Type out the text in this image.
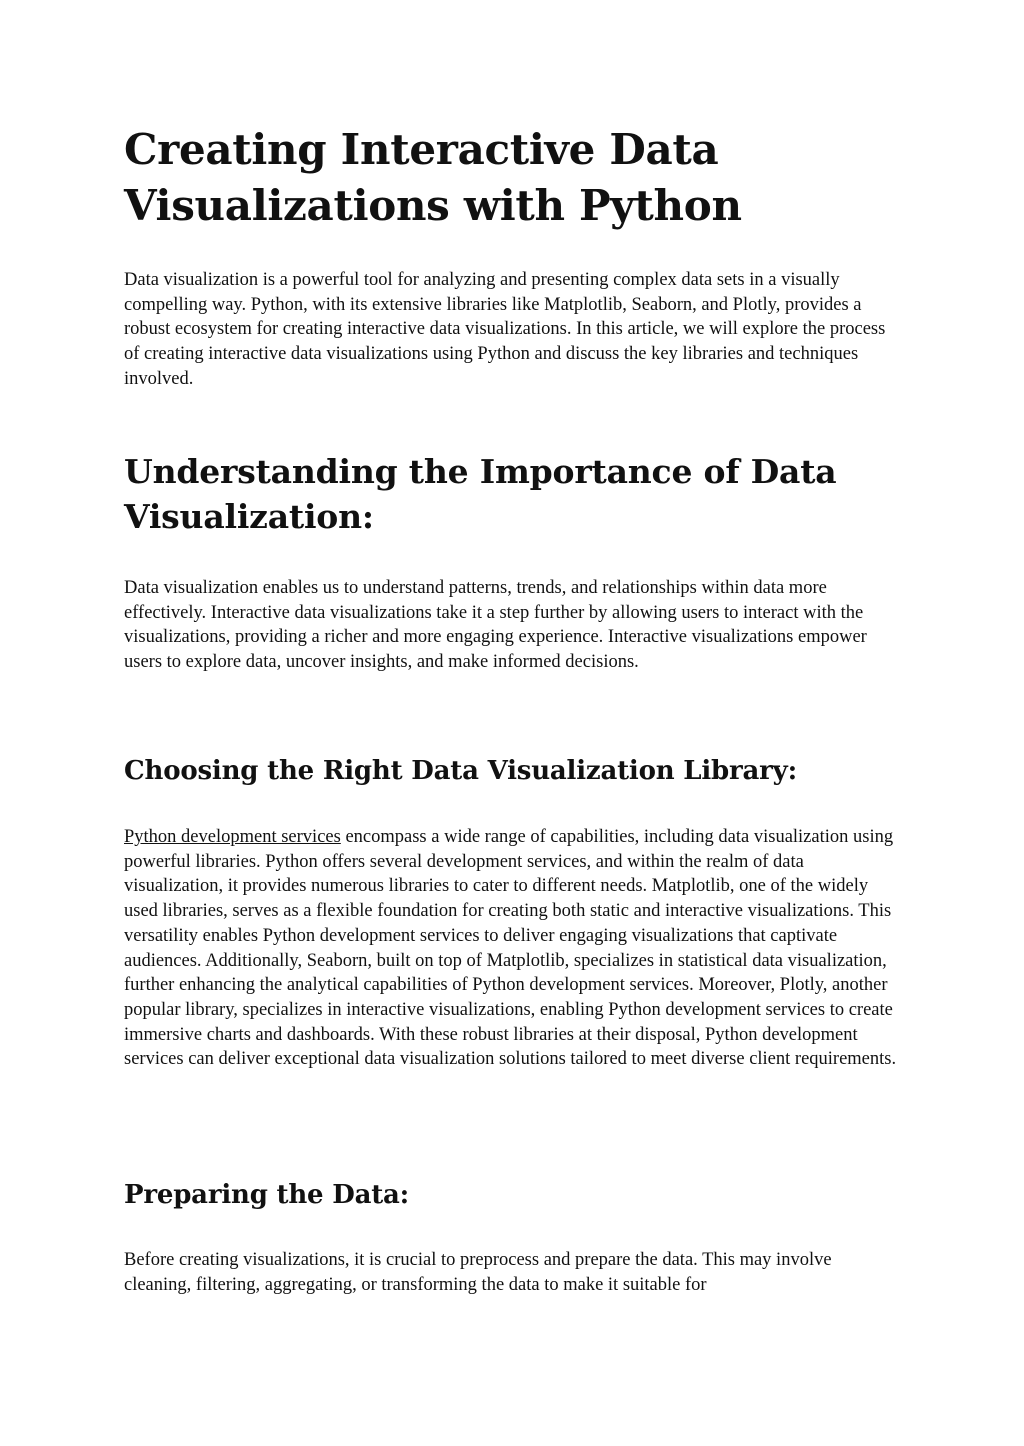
Creating Interactive Data Visualizations with Python

Data visualization is a powerful tool for analyzing and presenting complex data sets in a visually compelling way. Python, with its extensive libraries like Matplotlib, Seaborn, and Plotly, provides a robust ecosystem for creating interactive data visualizations. In this article, we will explore the process of creating interactive data visualizations using Python and discuss the key libraries and techniques involved.

Understanding the Importance of Data Visualization:

Data visualization enables us to understand patterns, trends, and relationships within data more effectively. Interactive data visualizations take it a step further by allowing users to interact with the visualizations, providing a richer and more engaging experience. Interactive visualizations empower users to explore data, uncover insights, and make informed decisions.

Choosing the Right Data Visualization Library:

Python development services encompass a wide range of capabilities, including data visualization using powerful libraries. Python offers several development services, and within the realm of data visualization, it provides numerous libraries to cater to different needs. Matplotlib, one of the widely used libraries, serves as a flexible foundation for creating both static and interactive visualizations. This versatility enables Python development services to deliver engaging visualizations that captivate audiences. Additionally, Seaborn, built on top of Matplotlib, specializes in statistical data visualization, further enhancing the analytical capabilities of Python development services. Moreover, Plotly, another popular library, specializes in interactive visualizations, enabling Python development services to create immersive charts and dashboards. With these robust libraries at their disposal, Python development services can deliver exceptional data visualization solutions tailored to meet diverse client requirements.

Preparing the Data:

Before creating visualizations, it is crucial to preprocess and prepare the data. This may involve cleaning, filtering, aggregating, or transforming the data to make it suitable for
